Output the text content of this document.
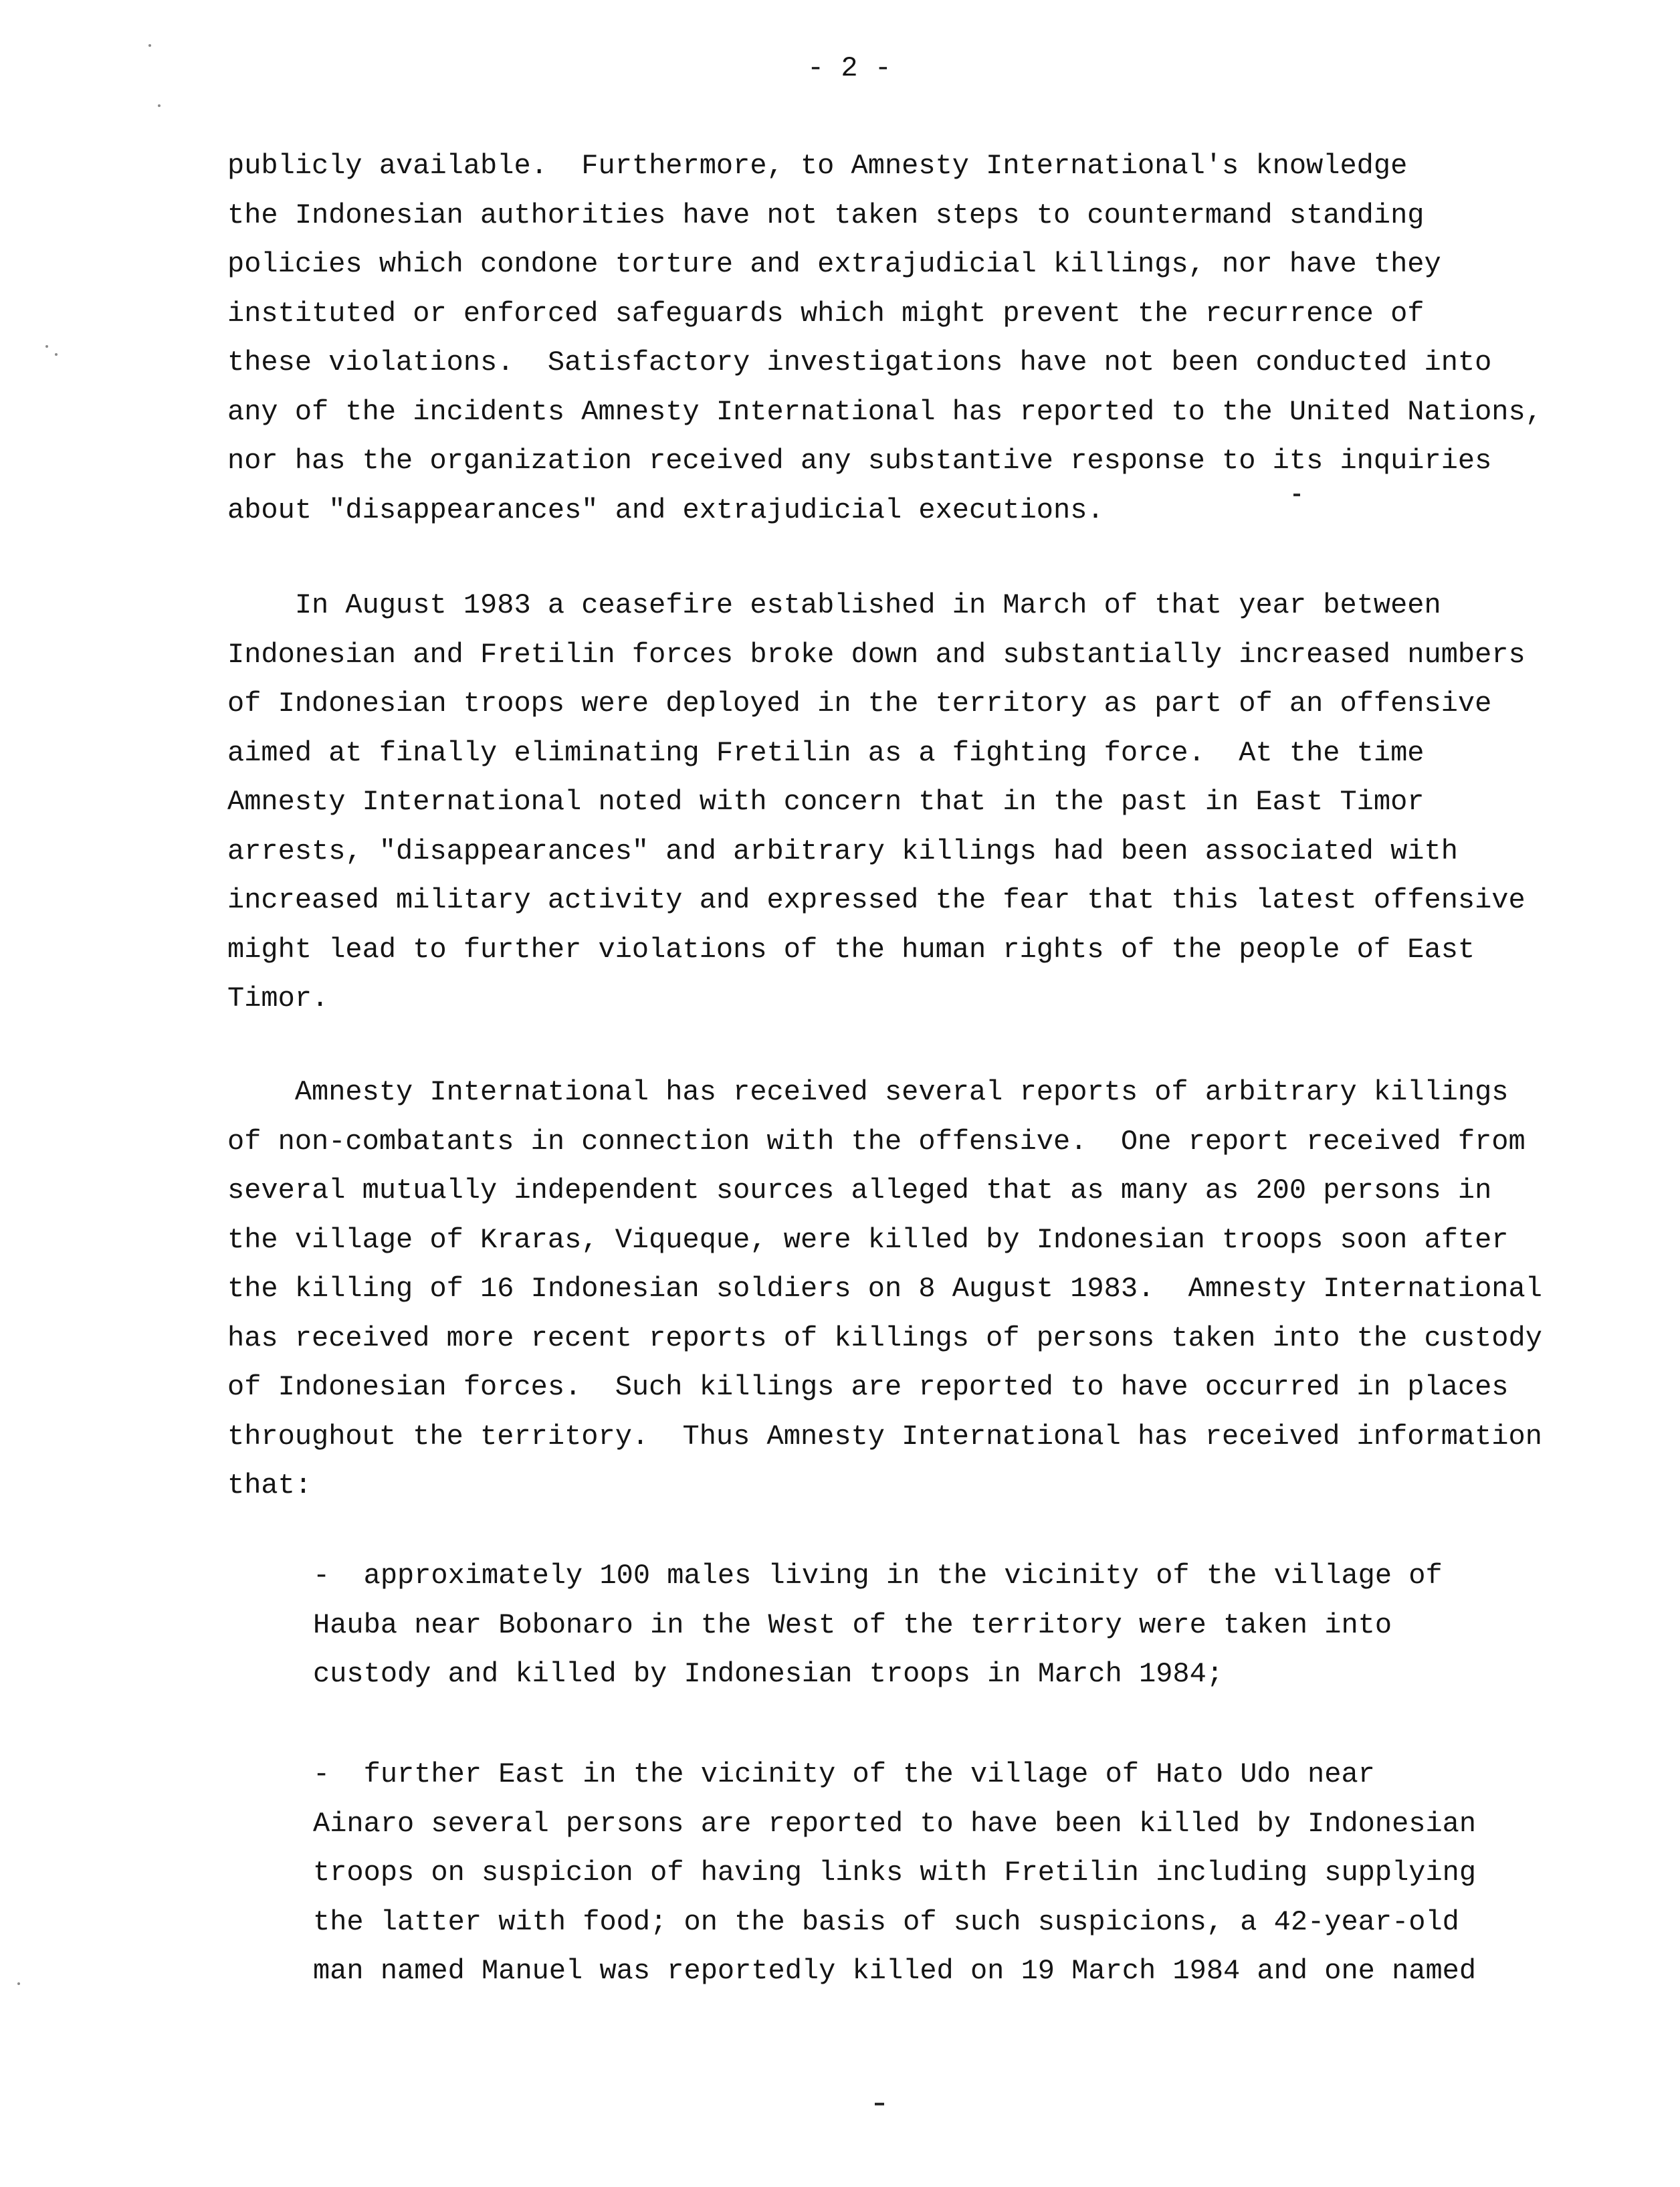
- 2 -

publicly available.  Furthermore, to Amnesty International's knowledge
the Indonesian authorities have not taken steps to countermand standing
policies which condone torture and extrajudicial killings, nor have they
instituted or enforced safeguards which might prevent the recurrence of
these violations.  Satisfactory investigations have not been conducted into
any of the incidents Amnesty International has reported to the United Nations,
nor has the organization received any substantive response to its inquiries
about "disappearances" and extrajudicial executions.

In August 1983 a ceasefire established in March of that year between
Indonesian and Fretilin forces broke down and substantially increased numbers
of Indonesian troops were deployed in the territory as part of an offensive
aimed at finally eliminating Fretilin as a fighting force.  At the time
Amnesty International noted with concern that in the past in East Timor
arrests, "disappearances" and arbitrary killings had been associated with
increased military activity and expressed the fear that this latest offensive
might lead to further violations of the human rights of the people of East
Timor.

Amnesty International has received several reports of arbitrary killings
of non-combatants in connection with the offensive.  One report received from
several mutually independent sources alleged that as many as 200 persons in
the village of Kraras, Viqueque, were killed by Indonesian troops soon after
the killing of 16 Indonesian soldiers on 8 August 1983.  Amnesty International
has received more recent reports of killings of persons taken into the custody
of Indonesian forces.  Such killings are reported to have occurred in places
throughout the territory.  Thus Amnesty International has received information
that:

-  approximately 100 males living in the vicinity of the village of
Hauba near Bobonaro in the West of the territory were taken into
custody and killed by Indonesian troops in March 1984;

-  further East in the vicinity of the village of Hato Udo near
Ainaro several persons are reported to have been killed by Indonesian
troops on suspicion of having links with Fretilin including supplying
the latter with food; on the basis of such suspicions, a 42-year-old
man named Manuel was reportedly killed on 19 March 1984 and one named
